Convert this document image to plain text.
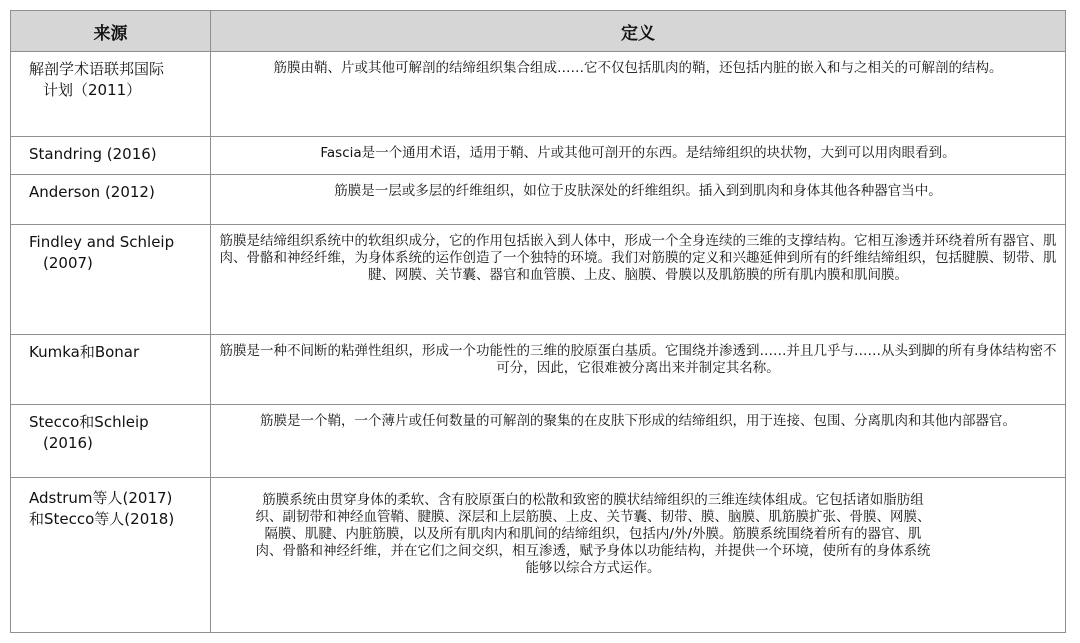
来源	定义
解剖学术语联邦国际
计划（2011）	筋膜由鞘、片或其他可解剖的结缔组织集合组成……它不仅包括肌肉的鞘，还包括内脏的嵌入和与之相关的可解剖的结构。
Standring (2016)	Fascia是一个通用术语，适用于鞘、片或其他可剖开的东西。是结缔组织的块状物，大到可以用肉眼看到。
Anderson (2012)	筋膜是一层或多层的纤维组织，如位于皮肤深处的纤维组织。插入到到肌肉和身体其他各种器官当中。
Findley and Schleip
(2007)	筋膜是结缔组织系统中的软组织成分，它的作用包括嵌入到人体中，形成一个全身连续的三维的支撑结构。它相互渗透并环绕着所有器官、肌肉、骨骼和神经纤维，为身体系统的运作创造了一个独特的环境。我们对筋膜的定义和兴趣延伸到所有的纤维结缔组织，包括腱膜、韧带、肌腱、网膜、关节囊、器官和血管膜、上皮、脑膜、骨膜以及肌筋膜的所有肌内膜和肌间膜。
Kumka和Bonar	筋膜是一种不间断的粘弹性组织，形成一个功能性的三维的胶原蛋白基质。它围绕并渗透到……并且几乎与……从头到脚的所有身体结构密不可分，因此，它很难被分离出来并制定其名称。
Stecco和Schleip
(2016)	筋膜是一个鞘，一个薄片或任何数量的可解剖的聚集的在皮肤下形成的结缔组织，用于连接、包围、分离肌肉和其他内部器官。
Adstrum等人(2017)
和Stecco等人(2018)	筋膜系统由贯穿身体的柔软、含有胶原蛋白的松散和致密的膜状结缔组织的三维连续体组成。它包括诸如脂肪组织、副韧带和神经血管鞘、腱膜、深层和上层筋膜、上皮、关节囊、韧带、膜、脑膜、肌筋膜扩张、骨膜、网膜、隔膜、肌腱、内脏筋膜，以及所有肌肉内和肌间的结缔组织，包括内/外/外膜。筋膜系统围绕着所有的器官、肌肉、骨骼和神经纤维，并在它们之间交织，相互渗透，赋予身体以功能结构，并提供一个环境，使所有的身体系统能够以综合方式运作。
